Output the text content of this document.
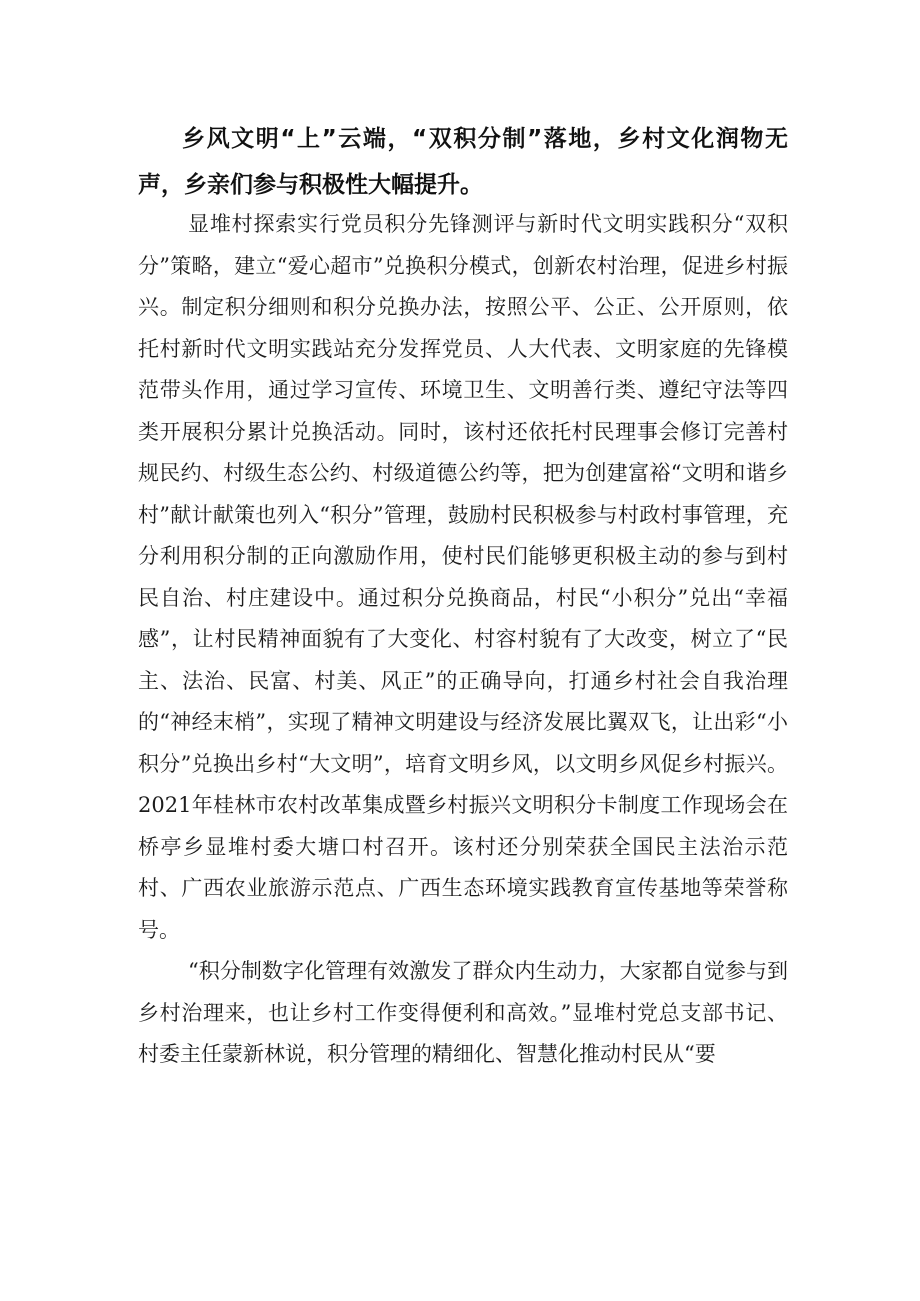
乡风文明“上”云端，“双积分制”落地，乡村文化润物无声，乡亲们参与积极性大幅提升。

显堆村探索实行党员积分先锋测评与新时代文明实践积分“双积分”策略，建立“爱心超市”兑换积分模式，创新农村治理，促进乡村振兴。制定积分细则和积分兑换办法，按照公平、公正、公开原则，依托村新时代文明实践站充分发挥党员、人大代表、文明家庭的先锋模范带头作用，通过学习宣传、环境卫生、文明善行类、遵纪守法等四类开展积分累计兑换活动。同时，该村还依托村民理事会修订完善村规民约、村级生态公约、村级道德公约等，把为创建富裕“文明和谐乡村”献计献策也列入“积分”管理，鼓励村民积极参与村政村事管理，充分利用积分制的正向激励作用，使村民们能够更积极主动的参与到村民自治、村庄建设中。通过积分兑换商品，村民“小积分”兑出“幸福感”，让村民精神面貌有了大变化、村容村貌有了大改变，树立了“民主、法治、民富、村美、风正”的正确导向，打通乡村社会自我治理的“神经末梢”，实现了精神文明建设与经济发展比翼双飞，让出彩“小积分”兑换出乡村“大文明”，培育文明乡风，以文明乡风促乡村振兴。2021年桂林市农村改革集成暨乡村振兴文明积分卡制度工作现场会在桥亭乡显堆村委大塘口村召开。该村还分别荣获全国民主法治示范村、广西农业旅游示范点、广西生态环境实践教育宣传基地等荣誉称号。

“积分制数字化管理有效激发了群众内生动力，大家都自觉参与到乡村治理来，也让乡村工作变得便利和高效。”显堆村党总支部书记、村委主任蒙新林说，积分管理的精细化、智慧化推动村民从“要
